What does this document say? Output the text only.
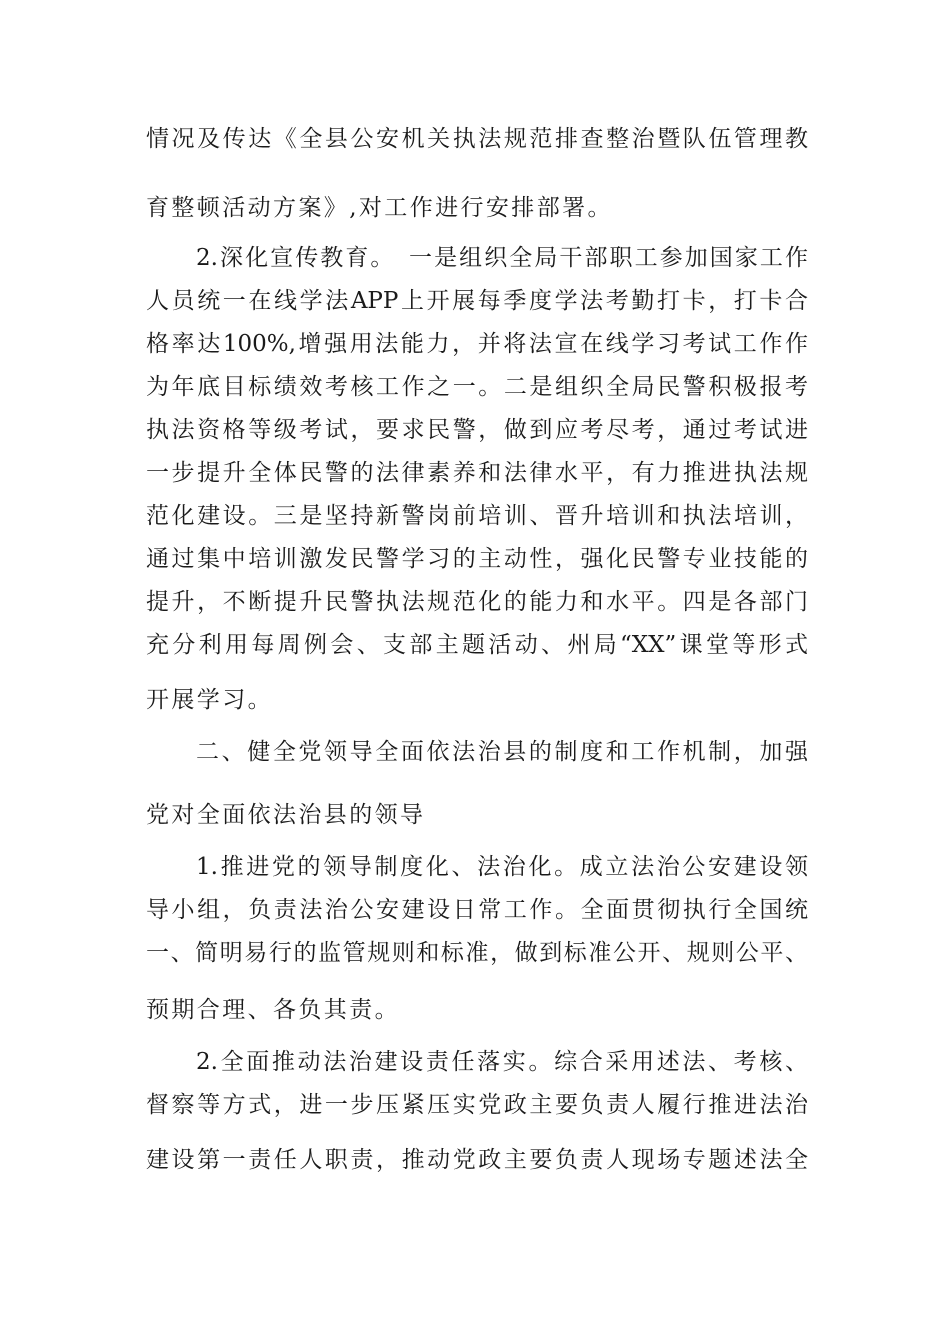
情况及传达《全县公安机关执法规范排查整治暨队伍管理教
育整顿活动方案》,对工作进行安排部署。
2.深化宣传教育。　一是组织全局干部职工参加国家工作
人员统一在线学法APP上开展每季度学法考勤打卡，打卡合
格率达100%,增强用法能力，并将法宣在线学习考试工作作
为年底目标绩效考核工作之一。二是组织全局民警积极报考
执法资格等级考试，要求民警，做到应考尽考，通过考试进
一步提升全体民警的法律素养和法律水平，有力推进执法规
范化建设。三是坚持新警岗前培训、晋升培训和执法培训，
通过集中培训激发民警学习的主动性，强化民警专业技能的
提升，不断提升民警执法规范化的能力和水平。四是各部门
充分利用每周例会、支部主题活动、州局“XX”课堂等形式
开展学习。
二、健全党领导全面依法治县的制度和工作机制，加强
党对全面依法治县的领导
1.推进党的领导制度化、法治化。成立法治公安建设领
导小组，负责法治公安建设日常工作。全面贯彻执行全国统
一、简明易行的监管规则和标准，做到标准公开、规则公平、
预期合理、各负其责。
2.全面推动法治建设责任落实。综合采用述法、考核、
督察等方式，进一步压紧压实党政主要负责人履行推进法治
建设第一责任人职责，推动党政主要负责人现场专题述法全
